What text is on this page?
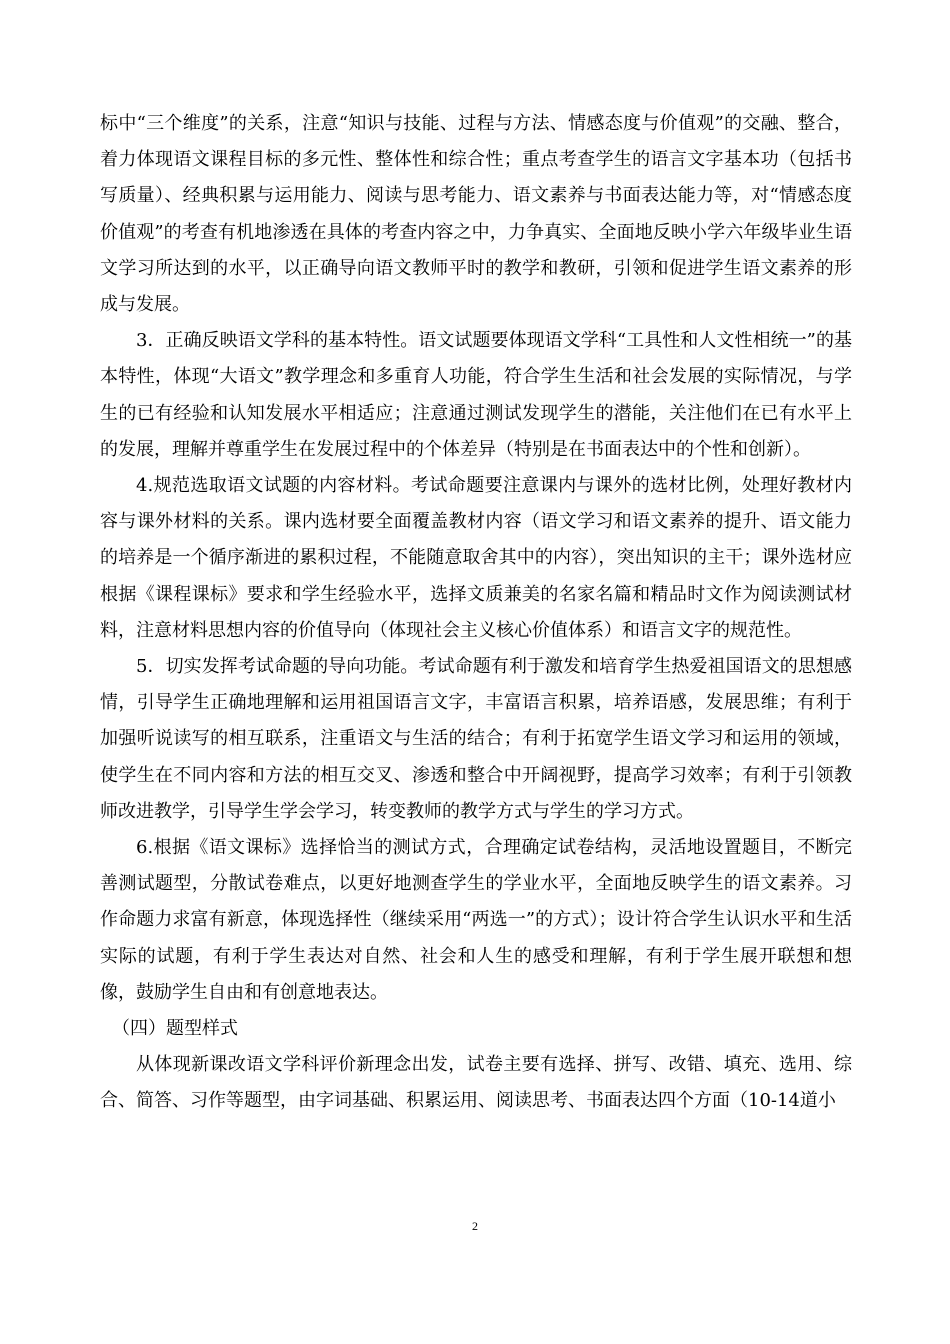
标中“三个维度”的关系，注意“知识与技能、过程与方法、情感态度与价值观”的交融、整合，着力体现语文课程目标的多元性、整体性和综合性；重点考查学生的语言文字基本功（包括书写质量）、经典积累与运用能力、阅读与思考能力、语文素养与书面表达能力等，对“情感态度价值观”的考查有机地渗透在具体的考查内容之中，力争真实、全面地反映小学六年级毕业生语文学习所达到的水平，以正确导向语文教师平时的教学和教研，引领和促进学生语文素养的形成与发展。

3．正确反映语文学科的基本特性。语文试题要体现语文学科“工具性和人文性相统一”的基本特性，体现“大语文”教学理念和多重育人功能，符合学生生活和社会发展的实际情况，与学生的已有经验和认知发展水平相适应；注意通过测试发现学生的潜能，关注他们在已有水平上的发展，理解并尊重学生在发展过程中的个体差异（特别是在书面表达中的个性和创新）。

4.规范选取语文试题的内容材料。考试命题要注意课内与课外的选材比例，处理好教材内容与课外材料的关系。课内选材要全面覆盖教材内容（语文学习和语文素养的提升、语文能力的培养是一个循序渐进的累积过程，不能随意取舍其中的内容），突出知识的主干；课外选材应根据《课程课标》要求和学生经验水平，选择文质兼美的名家名篇和精品时文作为阅读测试材料，注意材料思想内容的价值导向（体现社会主义核心价值体系）和语言文字的规范性。

5．切实发挥考试命题的导向功能。考试命题有利于激发和培育学生热爱祖国语文的思想感情，引导学生正确地理解和运用祖国语言文字，丰富语言积累，培养语感，发展思维；有利于加强听说读写的相互联系，注重语文与生活的结合；有利于拓宽学生语文学习和运用的领域，使学生在不同内容和方法的相互交叉、渗透和整合中开阔视野，提高学习效率；有利于引领教师改进教学，引导学生学会学习，转变教师的教学方式与学生的学习方式。

6.根据《语文课标》选择恰当的测试方式，合理确定试卷结构，灵活地设置题目，不断完善测试题型，分散试卷难点，以更好地测查学生的学业水平，全面地反映学生的语文素养。习作命题力求富有新意，体现选择性（继续采用“两选一”的方式）；设计符合学生认识水平和生活实际的试题，有利于学生表达对自然、社会和人生的感受和理解，有利于学生展开联想和想像，鼓励学生自由和有创意地表达。

（四）题型样式

从体现新课改语文学科评价新理念出发，试卷主要有选择、拼写、改错、填充、选用、综合、简答、习作等题型，由字词基础、积累运用、阅读思考、书面表达四个方面（10-14道小

2
